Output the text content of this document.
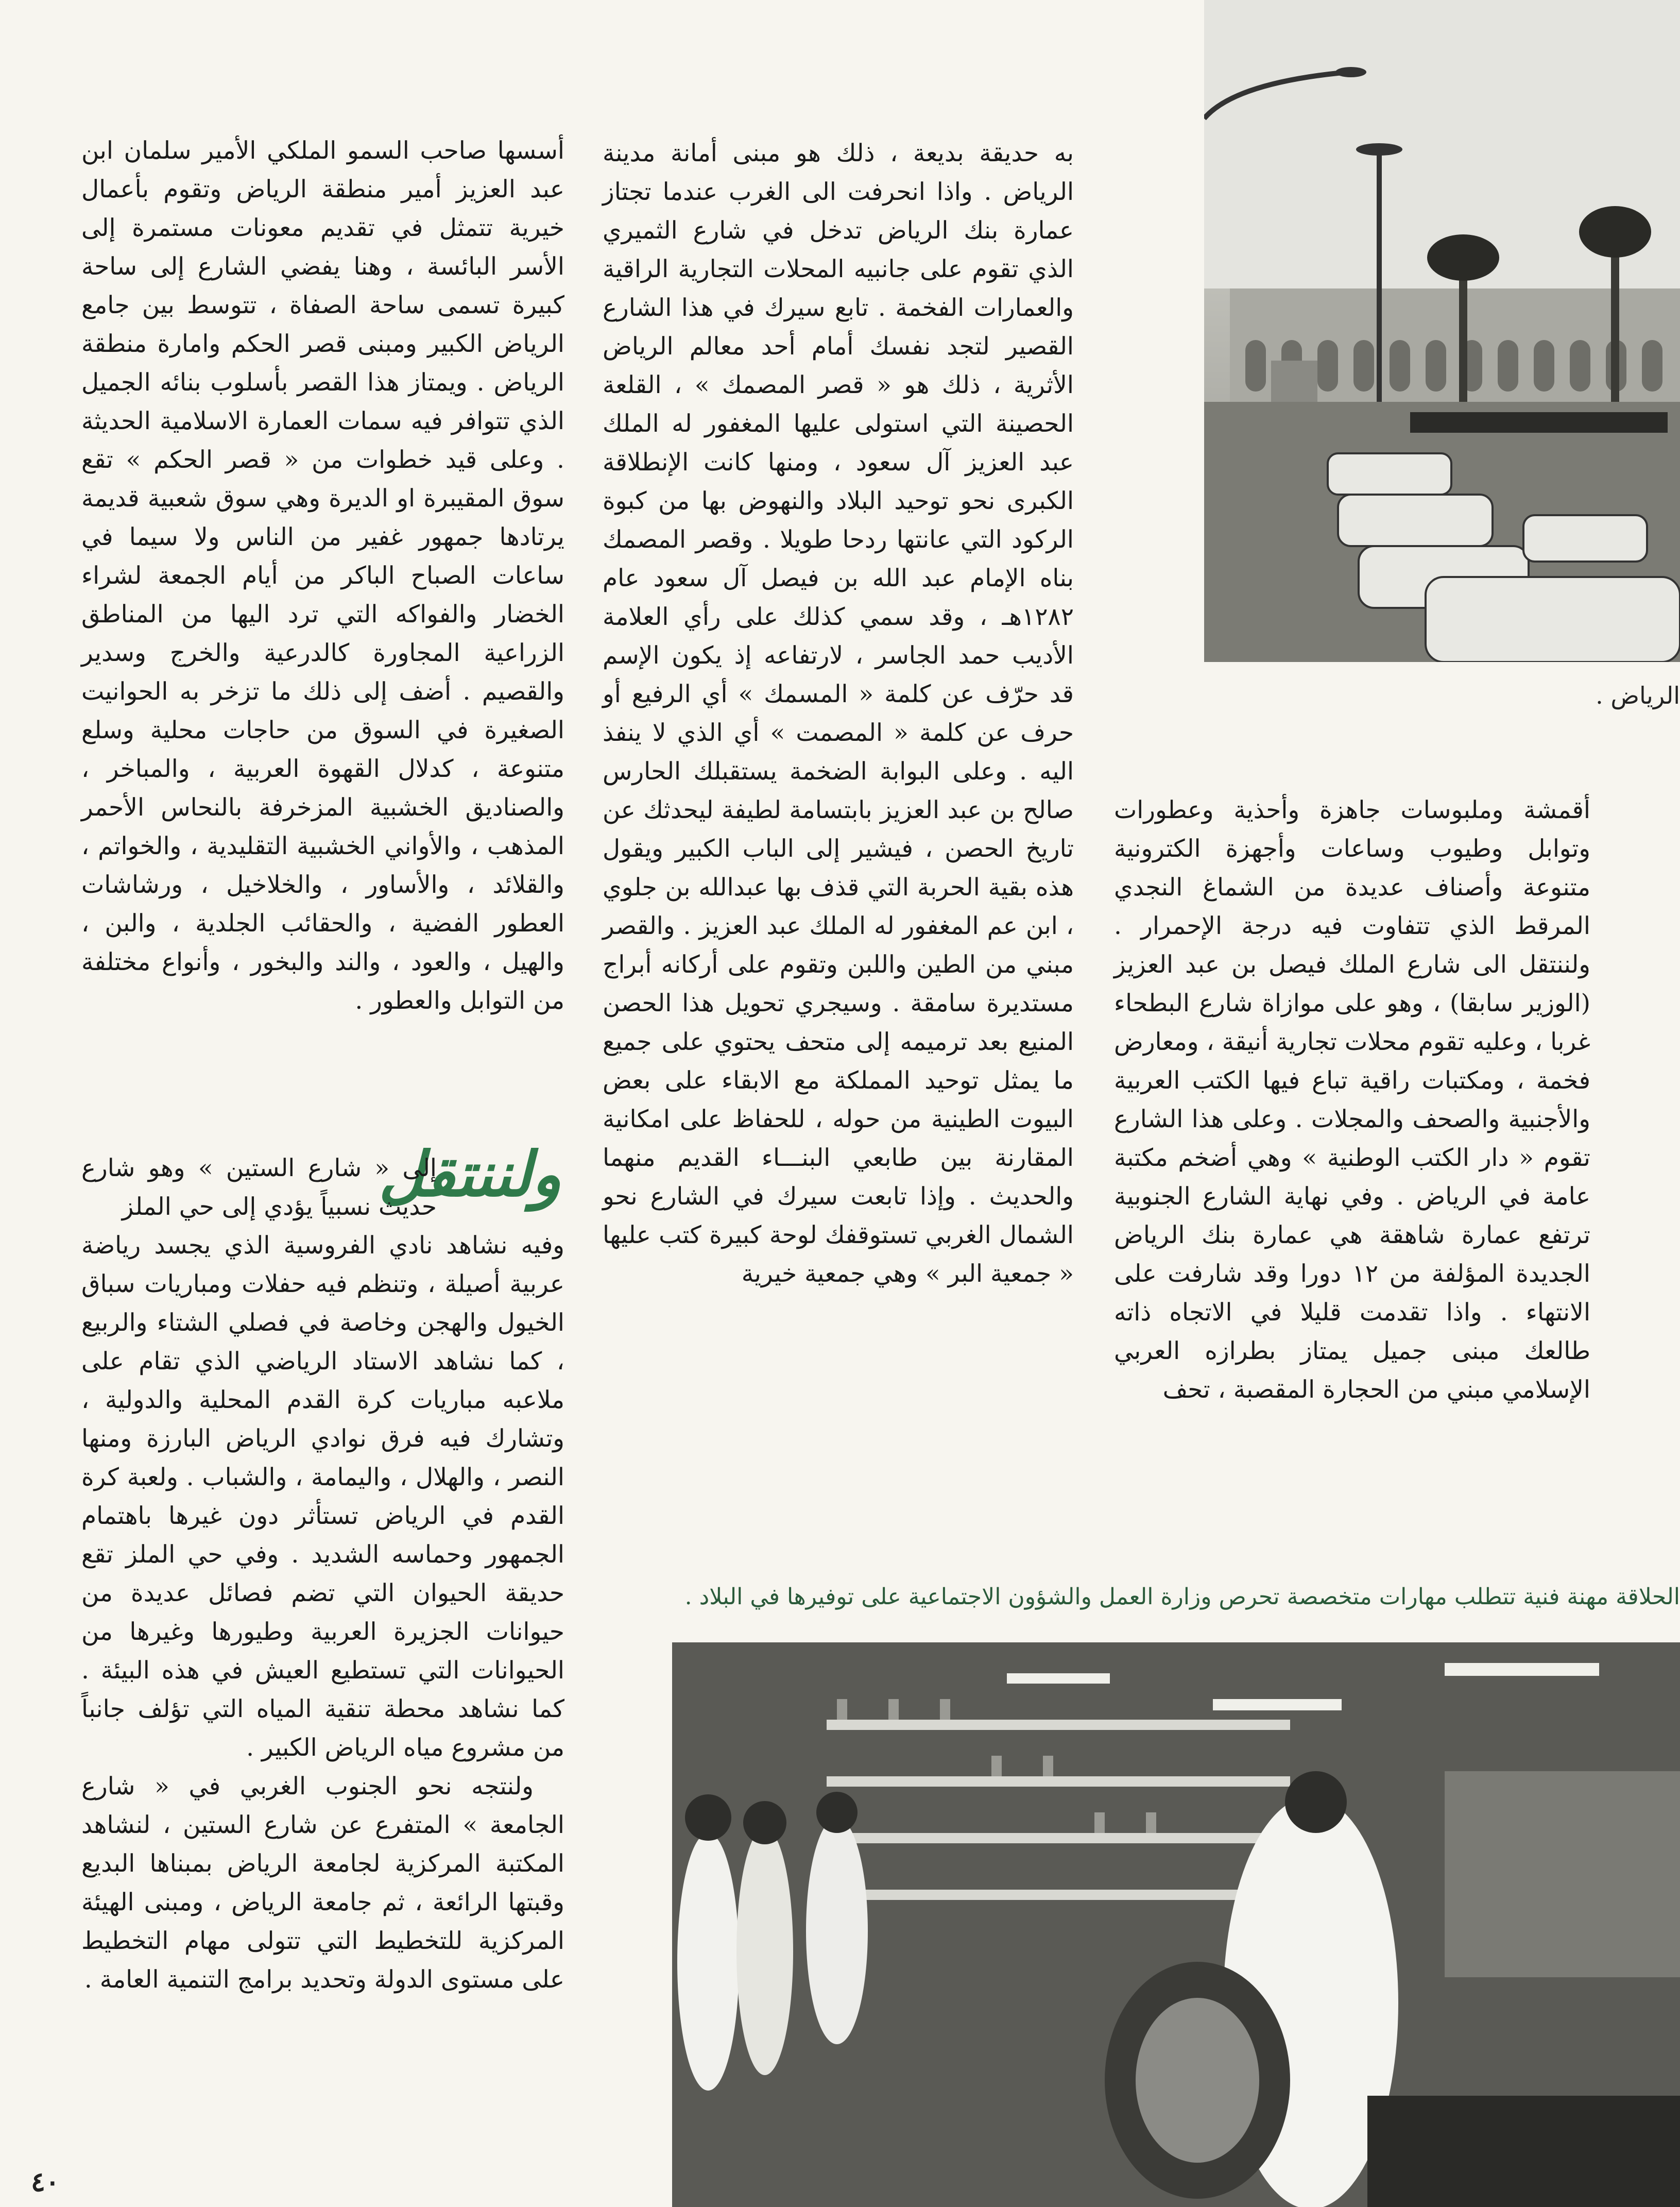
الرياض .

أقمشة وملبوسات جاهزة وأحذية وعطورات وتوابل وطيوب وساعات وأجهزة الكترونية متنوعة وأصناف عديدة من الشماغ النجدي المرقط الذي تتفاوت فيه درجة الإحمرار . ولننتقل الى شارع الملك فيصل بن عبد العزيز (الوزير سابقا) ، وهو على موازاة شارع البطحاء غربا ، وعليه تقوم محلات تجارية أنيقة ، ومعارض فخمة ، ومكتبات راقية تباع فيها الكتب العربية والأجنبية والصحف والمجلات . وعلى هذا الشارع تقوم « دار الكتب الوطنية » وهي أضخم مكتبة عامة في الرياض . وفي نهاية الشارع الجنوبية ترتفع عمارة شاهقة هي عمارة بنك الرياض الجديدة المؤلفة من ١٢ دورا وقد شارفت على الانتهاء . واذا تقدمت قليلا في الاتجاه ذاته طالعك مبنى جميل يمتاز بطرازه العربي الإسلامي مبني من الحجارة المقصبة ، تحف

به حديقة بديعة ، ذلك هو مبنى أمانة مدينة الرياض . واذا انحرفت الى الغرب عندما تجتاز عمارة بنك الرياض تدخل في شارع الثميري الذي تقوم على جانبيه المحلات التجارية الراقية والعمارات الفخمة . تابع سيرك في هذا الشارع القصير لتجد نفسك أمام أحد معالم الرياض الأثرية ، ذلك هو « قصر المصمك » ، القلعة الحصينة التي استولى عليها المغفور له الملك عبد العزيز آل سعود ، ومنها كانت الإنطلاقة الكبرى نحو توحيد البلاد والنهوض بها من كبوة الركود التي عانتها ردحا طويلا . وقصر المصمك بناه الإمام عبد الله بن فيصل آل سعود عام ١٢٨٢هـ ، وقد سمي كذلك على رأي العلامة الأديب حمد الجاسر ، لارتفاعه إذ يكون الإسم قد حرّف عن كلمة « المسمك » أي الرفيع أو حرف عن كلمة « المصمت » أي الذي لا ينفذ اليه . وعلى البوابة الضخمة يستقبلك الحارس صالح بن عبد العزيز بابتسامة لطيفة ليحدثك عن تاريخ الحصن ، فيشير إلى الباب الكبير ويقول هذه بقية الحربة التي قذف بها عبدالله بن جلوي ، ابن عم المغفور له الملك عبد العزيز . والقصر مبني من الطين واللبن وتقوم على أركانه أبراج مستديرة سامقة . وسيجري تحويل هذا الحصن المنيع بعد ترميمه إلى متحف يحتوي على جميع ما يمثل توحيد المملكة مع الابقاء على بعض البيوت الطينية من حوله ، للحفاظ على امكانية المقارنة بين طابعي البنـــاء القديم منهما والحديث . وإذا تابعت سيرك في الشارع نحو الشمال الغربي تستوقفك لوحة كبيرة كتب عليها « جمعية البر » وهي جمعية خيرية

أسسها صاحب السمو الملكي الأمير سلمان ابن عبد العزيز أمير منطقة الرياض وتقوم بأعمال خيرية تتمثل في تقديم معونات مستمرة إلى الأسر البائسة ، وهنا يفضي الشارع إلى ساحة كبيرة تسمى ساحة الصفاة ، تتوسط بين جامع الرياض الكبير ومبنى قصر الحكم وامارة منطقة الرياض . ويمتاز هذا القصر بأسلوب بنائه الجميل الذي تتوافر فيه سمات العمارة الاسلامية الحديثة . وعلى قيد خطوات من « قصر الحكم » تقع سوق المقيبرة او الديرة وهي سوق شعبية قديمة يرتادها جمهور غفير من الناس ولا سيما في ساعات الصباح الباكر من أيام الجمعة لشراء الخضار والفواكه التي ترد اليها من المناطق الزراعية المجاورة كالدرعية والخرج وسدير والقصيم . أضف إلى ذلك ما تزخر به الحوانيت الصغيرة في السوق من حاجات محلية وسلع متنوعة ، كدلال القهوة العربية ، والمباخر ، والصناديق الخشبية المزخرفة بالنحاس الأحمر المذهب ، والأواني الخشبية التقليدية ، والخواتم ، والقلائد ، والأساور ، والخلاخيل ، ورشاشات العطور الفضية ، والحقائب الجلدية ، والبن ، والهيل ، والعود ، والند والبخور ، وأنواع مختلفة من التوابل والعطور .

ولننتقل

إلى « شارع الستين » وهو شارع حديث نسبياً يؤدي إلى حي الملز

وفيه نشاهد نادي الفروسية الذي يجسد رياضة عربية أصيلة ، وتنظم فيه حفلات ومباريات سباق الخيول والهجن وخاصة في فصلي الشتاء والربيع ، كما نشاهد الاستاد الرياضي الذي تقام على ملاعبه مباريات كرة القدم المحلية والدولية ، وتشارك فيه فرق نوادي الرياض البارزة ومنها النصر ، والهلال ، واليمامة ، والشباب . ولعبة كرة القدم في الرياض تستأثر دون غيرها باهتمام الجمهور وحماسه الشديد . وفي حي الملز تقع حديقة الحيوان التي تضم فصائل عديدة من حيوانات الجزيرة العربية وطيورها وغيرها من الحيوانات التي تستطيع العيش في هذه البيئة . كما نشاهد محطة تنقية المياه التي تؤلف جانباً من مشروع مياه الرياض الكبير .

ولنتجه نحو الجنوب الغربي في « شارع الجامعة » المتفرع عن شارع الستين ، لنشاهد المكتبة المركزية لجامعة الرياض بمبناها البديع وقبتها الرائعة ، ثم جامعة الرياض ، ومبنى الهيئة المركزية للتخطيط التي تتولى مهام التخطيط على مستوى الدولة وتحديد برامج التنمية العامة .

الحلاقة مهنة فنية تتطلب مهارات متخصصة تحرص وزارة العمل والشؤون الاجتماعية على توفيرها في البلاد .
٤٠
